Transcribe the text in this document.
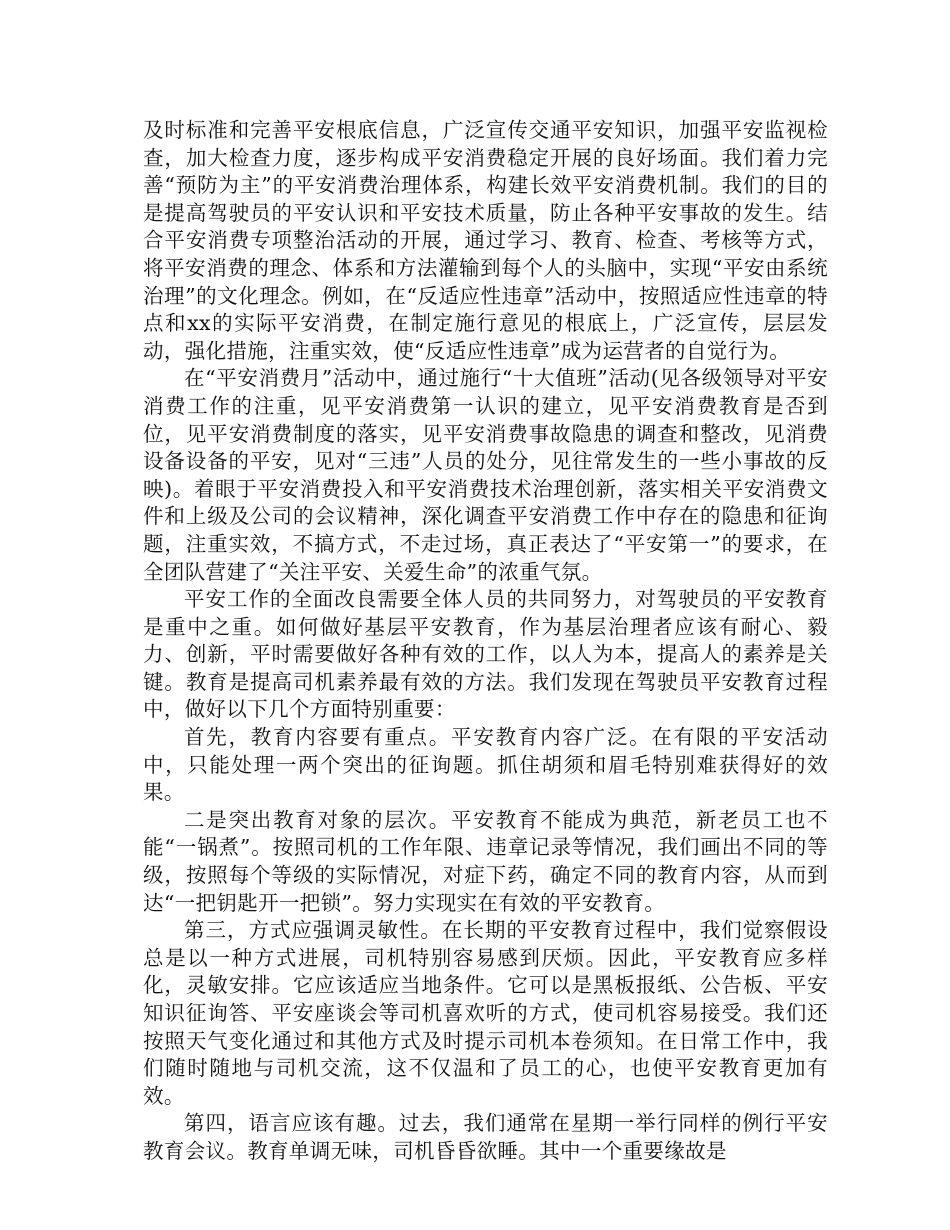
及时标准和完善平安根底信息，广泛宣传交通平安知识，加强平安监视检查，加大检查力度，逐步构成平安消费稳定开展的良好场面。我们着力完善“预防为主”的平安消费治理体系，构建长效平安消费机制。我们的目的是提高驾驶员的平安认识和平安技术质量，防止各种平安事故的发生。结合平安消费专项整治活动的开展，通过学习、教育、检查、考核等方式，将平安消费的理念、体系和方法灌输到每个人的头脑中，实现“平安由系统治理”的文化理念。例如，在“反适应性违章”活动中，按照适应性违章的特点和xx的实际平安消费，在制定施行意见的根底上，广泛宣传，层层发动，强化措施，注重实效，使“反适应性违章”成为运营者的自觉行为。

在“平安消费月”活动中，通过施行“十大值班”活动(见各级领导对平安消费工作的注重，见平安消费第一认识的建立，见平安消费教育是否到位，见平安消费制度的落实，见平安消费事故隐患的调查和整改，见消费设备设备的平安，见对“三违”人员的处分，见往常发生的一些小事故的反映)。着眼于平安消费投入和平安消费技术治理创新，落实相关平安消费文件和上级及公司的会议精神，深化调查平安消费工作中存在的隐患和征询题，注重实效，不搞方式，不走过场，真正表达了“平安第一”的要求，在全团队营建了“关注平安、关爱生命”的浓重气氛。

平安工作的全面改良需要全体人员的共同努力，对驾驶员的平安教育是重中之重。如何做好基层平安教育，作为基层治理者应该有耐心、毅力、创新，平时需要做好各种有效的工作，以人为本，提高人的素养是关键。教育是提高司机素养最有效的方法。我们发现在驾驶员平安教育过程中，做好以下几个方面特别重要：

首先，教育内容要有重点。平安教育内容广泛。在有限的平安活动中，只能处理一两个突出的征询题。抓住胡须和眉毛特别难获得好的效果。

二是突出教育对象的层次。平安教育不能成为典范，新老员工也不能“一锅煮”。按照司机的工作年限、违章记录等情况，我们画出不同的等级，按照每个等级的实际情况，对症下药，确定不同的教育内容，从而到达“一把钥匙开一把锁”。努力实现实在有效的平安教育。

第三，方式应强调灵敏性。在长期的平安教育过程中，我们觉察假设总是以一种方式进展，司机特别容易感到厌烦。因此，平安教育应多样化，灵敏安排。它应该适应当地条件。它可以是黑板报纸、公告板、平安知识征询答、平安座谈会等司机喜欢听的方式，使司机容易接受。我们还按照天气变化通过和其他方式及时提示司机本卷须知。在日常工作中，我们随时随地与司机交流，这不仅温和了员工的心，也使平安教育更加有效。

第四，语言应该有趣。过去，我们通常在星期一举行同样的例行平安教育会议。教育单调无味，司机昏昏欲睡。其中一个重要缘故是
